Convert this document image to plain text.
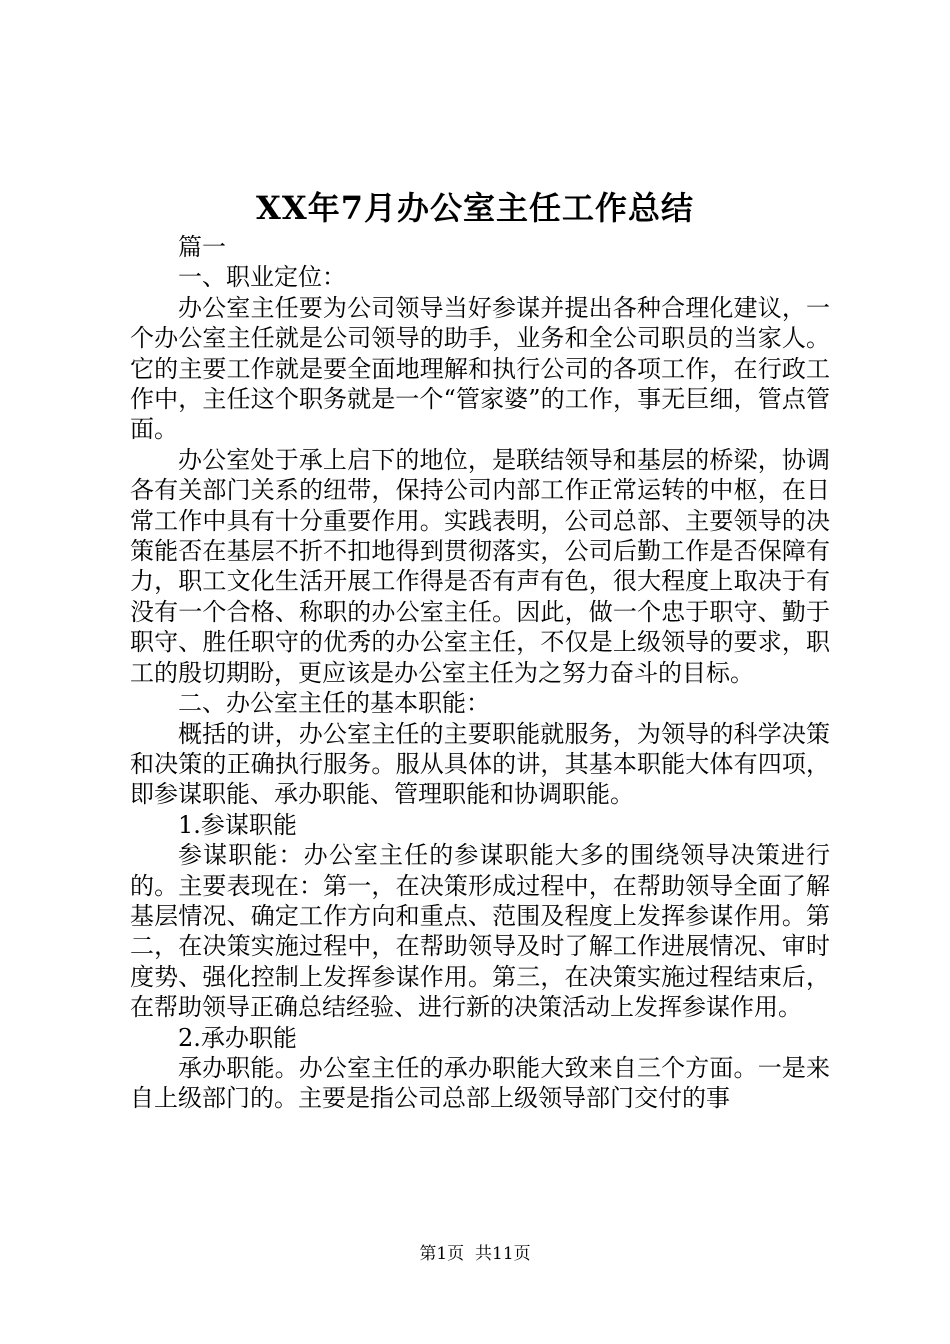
XX年7月办公室主任工作总结

篇一

一、职业定位：

办公室主任要为公司领导当好参谋并提出各种合理化建议，一个办公室主任就是公司领导的助手，业务和全公司职员的当家人。它的主要工作就是要全面地理解和执行公司的各项工作，在行政工作中，主任这个职务就是一个“管家婆”的工作，事无巨细，管点管面。

办公室处于承上启下的地位，是联结领导和基层的桥梁，协调各有关部门关系的纽带，保持公司内部工作正常运转的中枢，在日常工作中具有十分重要作用。实践表明，公司总部、主要领导的决策能否在基层不折不扣地得到贯彻落实，公司后勤工作是否保障有力，职工文化生活开展工作得是否有声有色，很大程度上取决于有没有一个合格、称职的办公室主任。因此，做一个忠于职守、勤于职守、胜任职守的优秀的办公室主任，不仅是上级领导的要求，职工的殷切期盼，更应该是办公室主任为之努力奋斗的目标。

二、办公室主任的基本职能：

概括的讲，办公室主任的主要职能就服务，为领导的科学决策和决策的正确执行服务。服从具体的讲，其基本职能大体有四项，即参谋职能、承办职能、管理职能和协调职能。

1.参谋职能

参谋职能：办公室主任的参谋职能大多的围绕领导决策进行的。主要表现在：第一，在决策形成过程中，在帮助领导全面了解基层情况、确定工作方向和重点、范围及程度上发挥参谋作用。第二，在决策实施过程中，在帮助领导及时了解工作进展情况、审时度势、强化控制上发挥参谋作用。第三，在决策实施过程结束后，在帮助领导正确总结经验、进行新的决策活动上发挥参谋作用。

2.承办职能

承办职能。办公室主任的承办职能大致来自三个方面。一是来自上级部门的。主要是指公司总部上级领导部门交付的事

第1页 共11页
